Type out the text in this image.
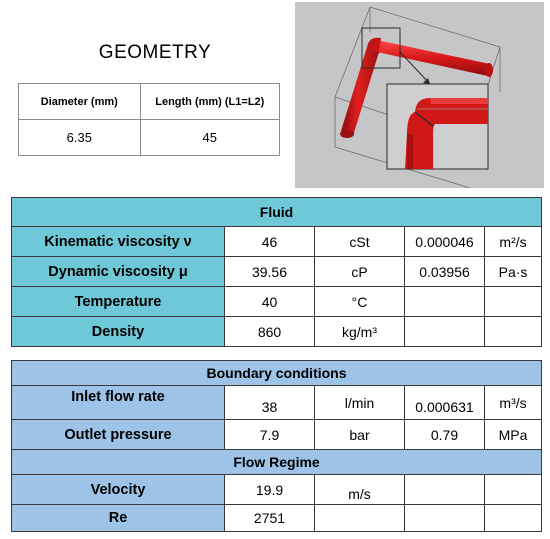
GEOMETRY
Diameter (mm)	Length (mm) (L1=L2)
6.35	45
Fluid				
Kinematic viscosity ν	46	cSt	0.000046	m²/s
Dynamic viscosity μ	39.56	cP	0.03956	Pa·s
Temperature	40	°C		
Density	860	kg/m³		
Boundary conditions				
Inlet flow rate	38	l/min	0.000631	m³/s
Outlet pressure	7.9	bar	0.79	MPa
Flow Regime				
Velocity	19.9	m/s		
Re	2751			
